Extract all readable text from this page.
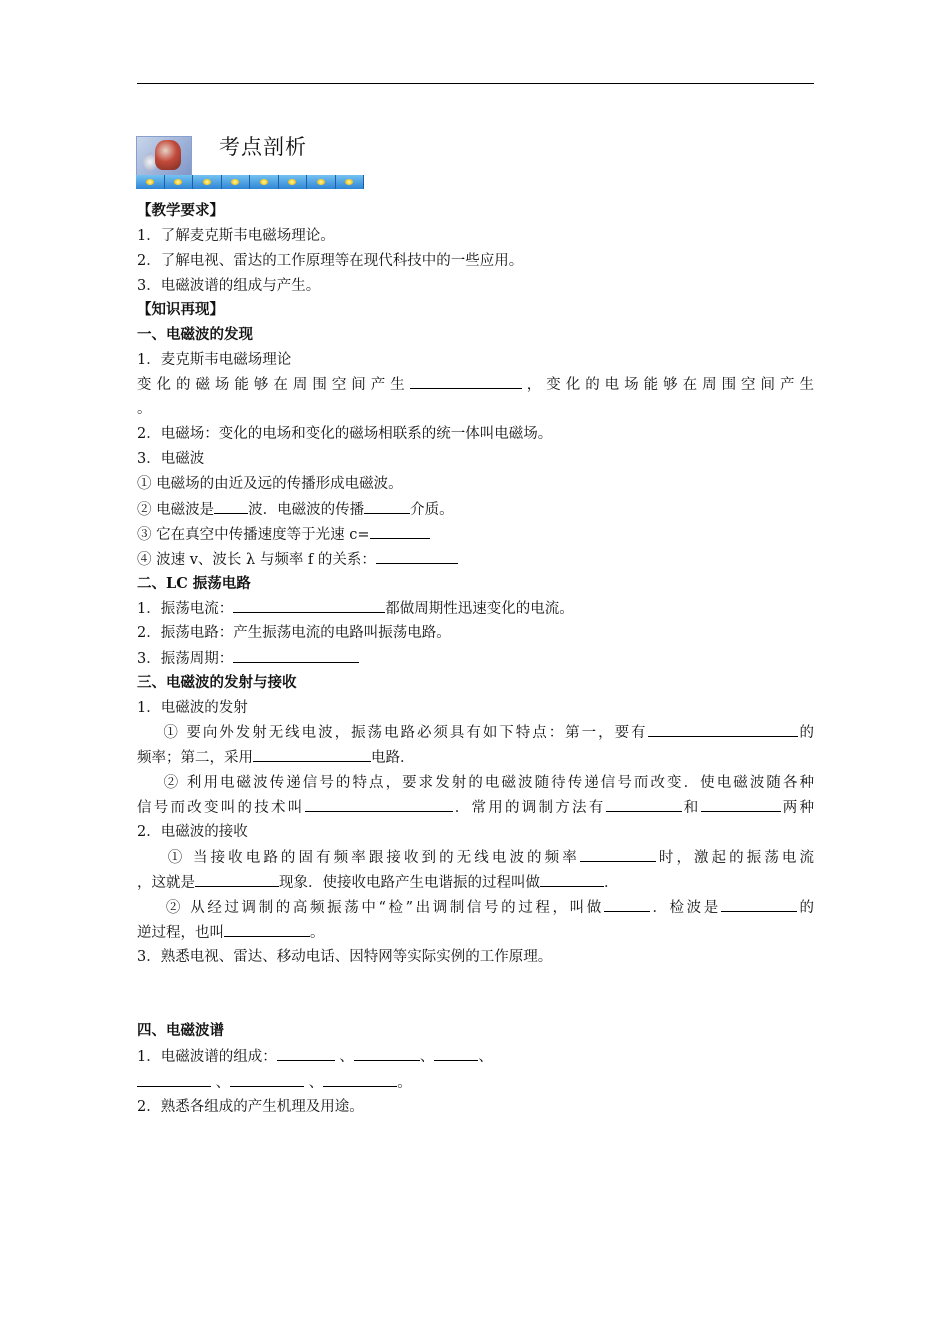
考点剖析
【教学要求】
1．了解麦克斯韦电磁场理论。
2．了解电视、雷达的工作原理等在现代科技中的一些应用。
3．电磁波谱的组成与产生。
【知识再现】
一、电磁波的发现
1．麦克斯韦电磁场理论
变化的磁场能够在周围空间产生	，变化的电场能够在周围空间产生
。
2．电磁场：变化的电场和变化的磁场相联系的统一体叫电磁场。
3．电磁波
① 电磁场的由近及远的传播形成电磁波。
② 电磁波是 波．电磁波的传播	介质。
③ 它在真空中传播速度等于光速 c=
④ 波速 v、波长 λ 与频率 f 的关系：
二、LC 振荡电路
1．振荡电流：	都做周期性迅速变化的电流。
2．振荡电路：产生振荡电流的电路叫振荡电路。
3．振荡周期：
三、电磁波的发射与接收
1．电磁波的发射
① 要向外发射无线电波，振荡电路必须具有如下特点：第一，要有	的
频率；第二，采用	电路．
② 利用电磁波传递信号的特点，要求发射的电磁波随待传递信号而改变．使电磁波随各种
信号而改变叫的技术叫	．常用的调制方法有	和	两种
2．电磁波的接收
① 当接收电路的固有频率跟接收到的无线电波的频率	时，激起的振荡电流
，这就是	现象．使接收电路产生电谐振的过程叫做	．
② 从经过调制的高频振荡中“检”出调制信号的过程，叫做	．检波是	的
逆过程，也叫	。
3．熟悉电视、雷达、移动电话、因特网等实际实例的工作原理。
四、电磁波谱
1．电磁波谱的组成：	、	、	、
、	、	。
2．熟悉各组成的产生机理及用途。
